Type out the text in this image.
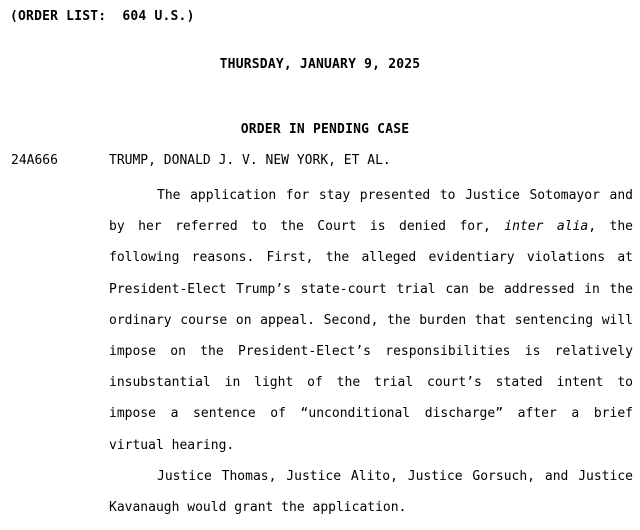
(ORDER LIST:  604 U.S.)
THURSDAY, JANUARY 9, 2025
ORDER IN PENDING CASE
24A666	TRUMP, DONALD J. V. NEW YORK, ET AL.

The application for stay presented to Justice Sotomayor and by her referred to the Court is denied for, inter alia, the following reasons. First, the alleged evidentiary violations at President-Elect Trump’s state-court trial can be addressed in the ordinary course on appeal. Second, the burden that sentencing will impose on the President-Elect’s responsibilities is relatively insubstantial in light of the trial court’s stated intent to impose a sentence of “unconditional discharge” after a brief virtual hearing.

Justice Thomas, Justice Alito, Justice Gorsuch, and Justice Kavanaugh would grant the application.
